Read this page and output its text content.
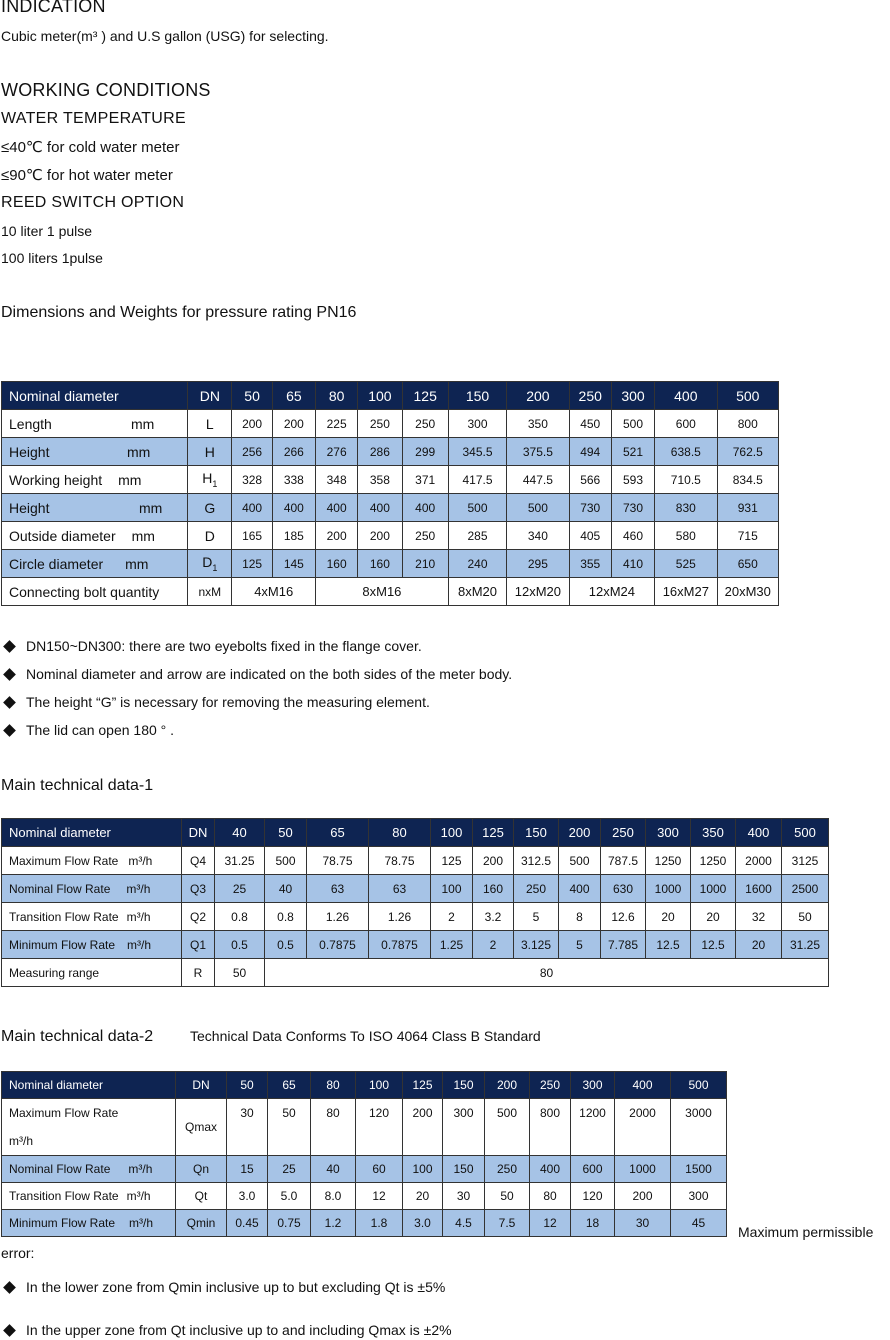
INDICATION
Cubic meter(m³ ) and U.S gallon (USG) for selecting.
WORKING CONDITIONS
WATER TEMPERATURE
≤40℃ for cold water meter
≤90℃ for hot water meter
REED SWITCH OPTION
10 liter 1 pulse
100 liters 1pulse
Dimensions and Weights for pressure rating PN16
Nominal diameter	DN	50	65	80	100	125	150	200	250	300	400	500
Length mm	L	200	200	225	250	250	300	350	450	500	600	800
Height mm	H	256	266	276	286	299	345.5	375.5	494	521	638.5	762.5
Working height mm	$H_1$	328	338	348	358	371	417.5	447.5	566	593	710.5	834.5
Height mm	G	400	400	400	400	400	500	500	730	730	830	931
Outside diameter mm	D	165	185	200	200	250	285	340	405	460	580	715
Circle diameter mm	$D_1$	125	145	160	160	210	240	295	355	410	525	650
Connecting bolt quantity	nxM	4xM16		8xM16			8xM20	12xM20	12xM24		16xM27	20xM30
DN150~DN300: there are two eyebolts fixed in the flange cover.
Nominal diameter and arrow are indicated on the both sides of the meter body.
The height “G” is necessary for removing the measuring element.
The lid can open 180 ° .
Main technical data-1
Nominal diameter	DN	40	50	65	80	100	125	150	200	250	300	350	400	500
Maximum Flow Rate m³/h	Q4	31.25	500	78.75	78.75	125	200	312.5	500	787.5	1250	1250	2000	3125
Nominal Flow Rate m³/h	Q3	25	40	63	63	100	160	250	400	630	1000	1000	1600	2500
Transition Flow Rate m³/h	Q2	0.8	0.8	1.26	1.26	2	3.2	5	8	12.6	20	20	32	50
Minimum Flow Rate m³/h	Q1	0.5	0.5	0.7875	0.7875	1.25	2	3.125	5	7.785	12.5	12.5	20	31.25
Measuring range	R	50	80											
Main technical data-2	Technical Data Conforms To ISO 4064 Class B Standard
Nominal diameter	DN	50	65	80	100	125	150	200	250	300	400	500

Maximum Flow Rate
m³/h	Qmax	30	50	80	120	200	300	500	800	1200	2000	3000
Nominal Flow Rate m³/h	Qn	15	25	40	60	100	150	250	400	600	1000	1500
Transition Flow Rate m³/h	Qt	3.0	5.0	8.0	12	20	30	50	80	120	200	300
Minimum Flow Rate m³/h	Qmin	0.45	0.75	1.2	1.8	3.0	4.5	7.5	12	18	30	45
Maximum permissible
error:
In the lower zone from Qmin inclusive up to but excluding Qt is ±5%
In the upper zone from Qt inclusive up to and including Qmax is ±2%
